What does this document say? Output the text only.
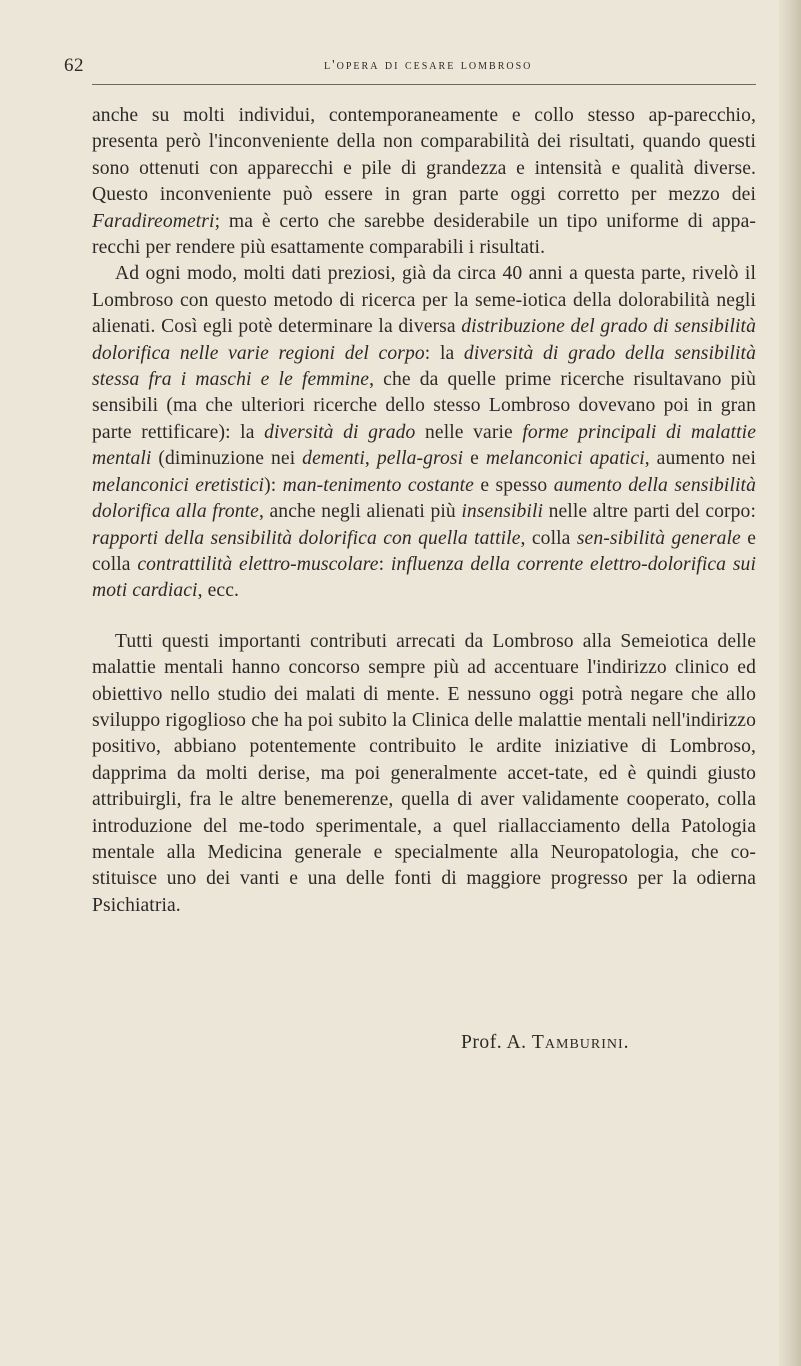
62	l'opera di cesare lombroso

anche su molti individui, contemporaneamente e collo stesso ap-parecchio, presenta però l'inconveniente della non comparabilità dei risultati, quando questi sono ottenuti con apparecchi e pile di grandezza e intensità e qualità diverse. Questo inconveniente può essere in gran parte oggi corretto per mezzo dei Faradireometri; ma è certo che sarebbe desiderabile un tipo uniforme di appa-recchi per rendere più esattamente comparabili i risultati.

Ad ogni modo, molti dati preziosi, già da circa 40 anni a questa parte, rivelò il Lombroso con questo metodo di ricerca per la seme-iotica della dolorabilità negli alienati. Così egli potè determinare la diversa distribuzione del grado di sensibilità dolorifica nelle varie regioni del corpo: la diversità di grado della sensibilità stessa fra i maschi e le femmine, che da quelle prime ricerche risultavano più sensibili (ma che ulteriori ricerche dello stesso Lombroso dovevano poi in gran parte rettificare): la diversità di grado nelle varie forme principali di malattie mentali (diminuzione nei dementi, pella-grosi e melanconici apatici, aumento nei melanconici eretistici): man-tenimento costante e spesso aumento della sensibilità dolorifica alla fronte, anche negli alienati più insensibili nelle altre parti del corpo: rapporti della sensibilità dolorifica con quella tattile, colla sen-sibilità generale e colla contrattilità elettro-muscolare: influenza della corrente elettro-dolorifica sui moti cardiaci, ecc.

Tutti questi importanti contributi arrecati da Lombroso alla Semeiotica delle malattie mentali hanno concorso sempre più ad accentuare l'indirizzo clinico ed obiettivo nello studio dei malati di mente. E nessuno oggi potrà negare che allo sviluppo rigoglioso che ha poi subito la Clinica delle malattie mentali nell'indirizzo positivo, abbiano potentemente contribuito le ardite iniziative di Lombroso, dapprima da molti derise, ma poi generalmente accet-tate, ed è quindi giusto attribuirgli, fra le altre benemerenze, quella di aver validamente cooperato, colla introduzione del me-todo sperimentale, a quel riallacciamento della Patologia mentale alla Medicina generale e specialmente alla Neuropatologia, che co-stituisce uno dei vanti e una delle fonti di maggiore progresso per la odierna Psichiatria.

Prof. A. Tamburini.
